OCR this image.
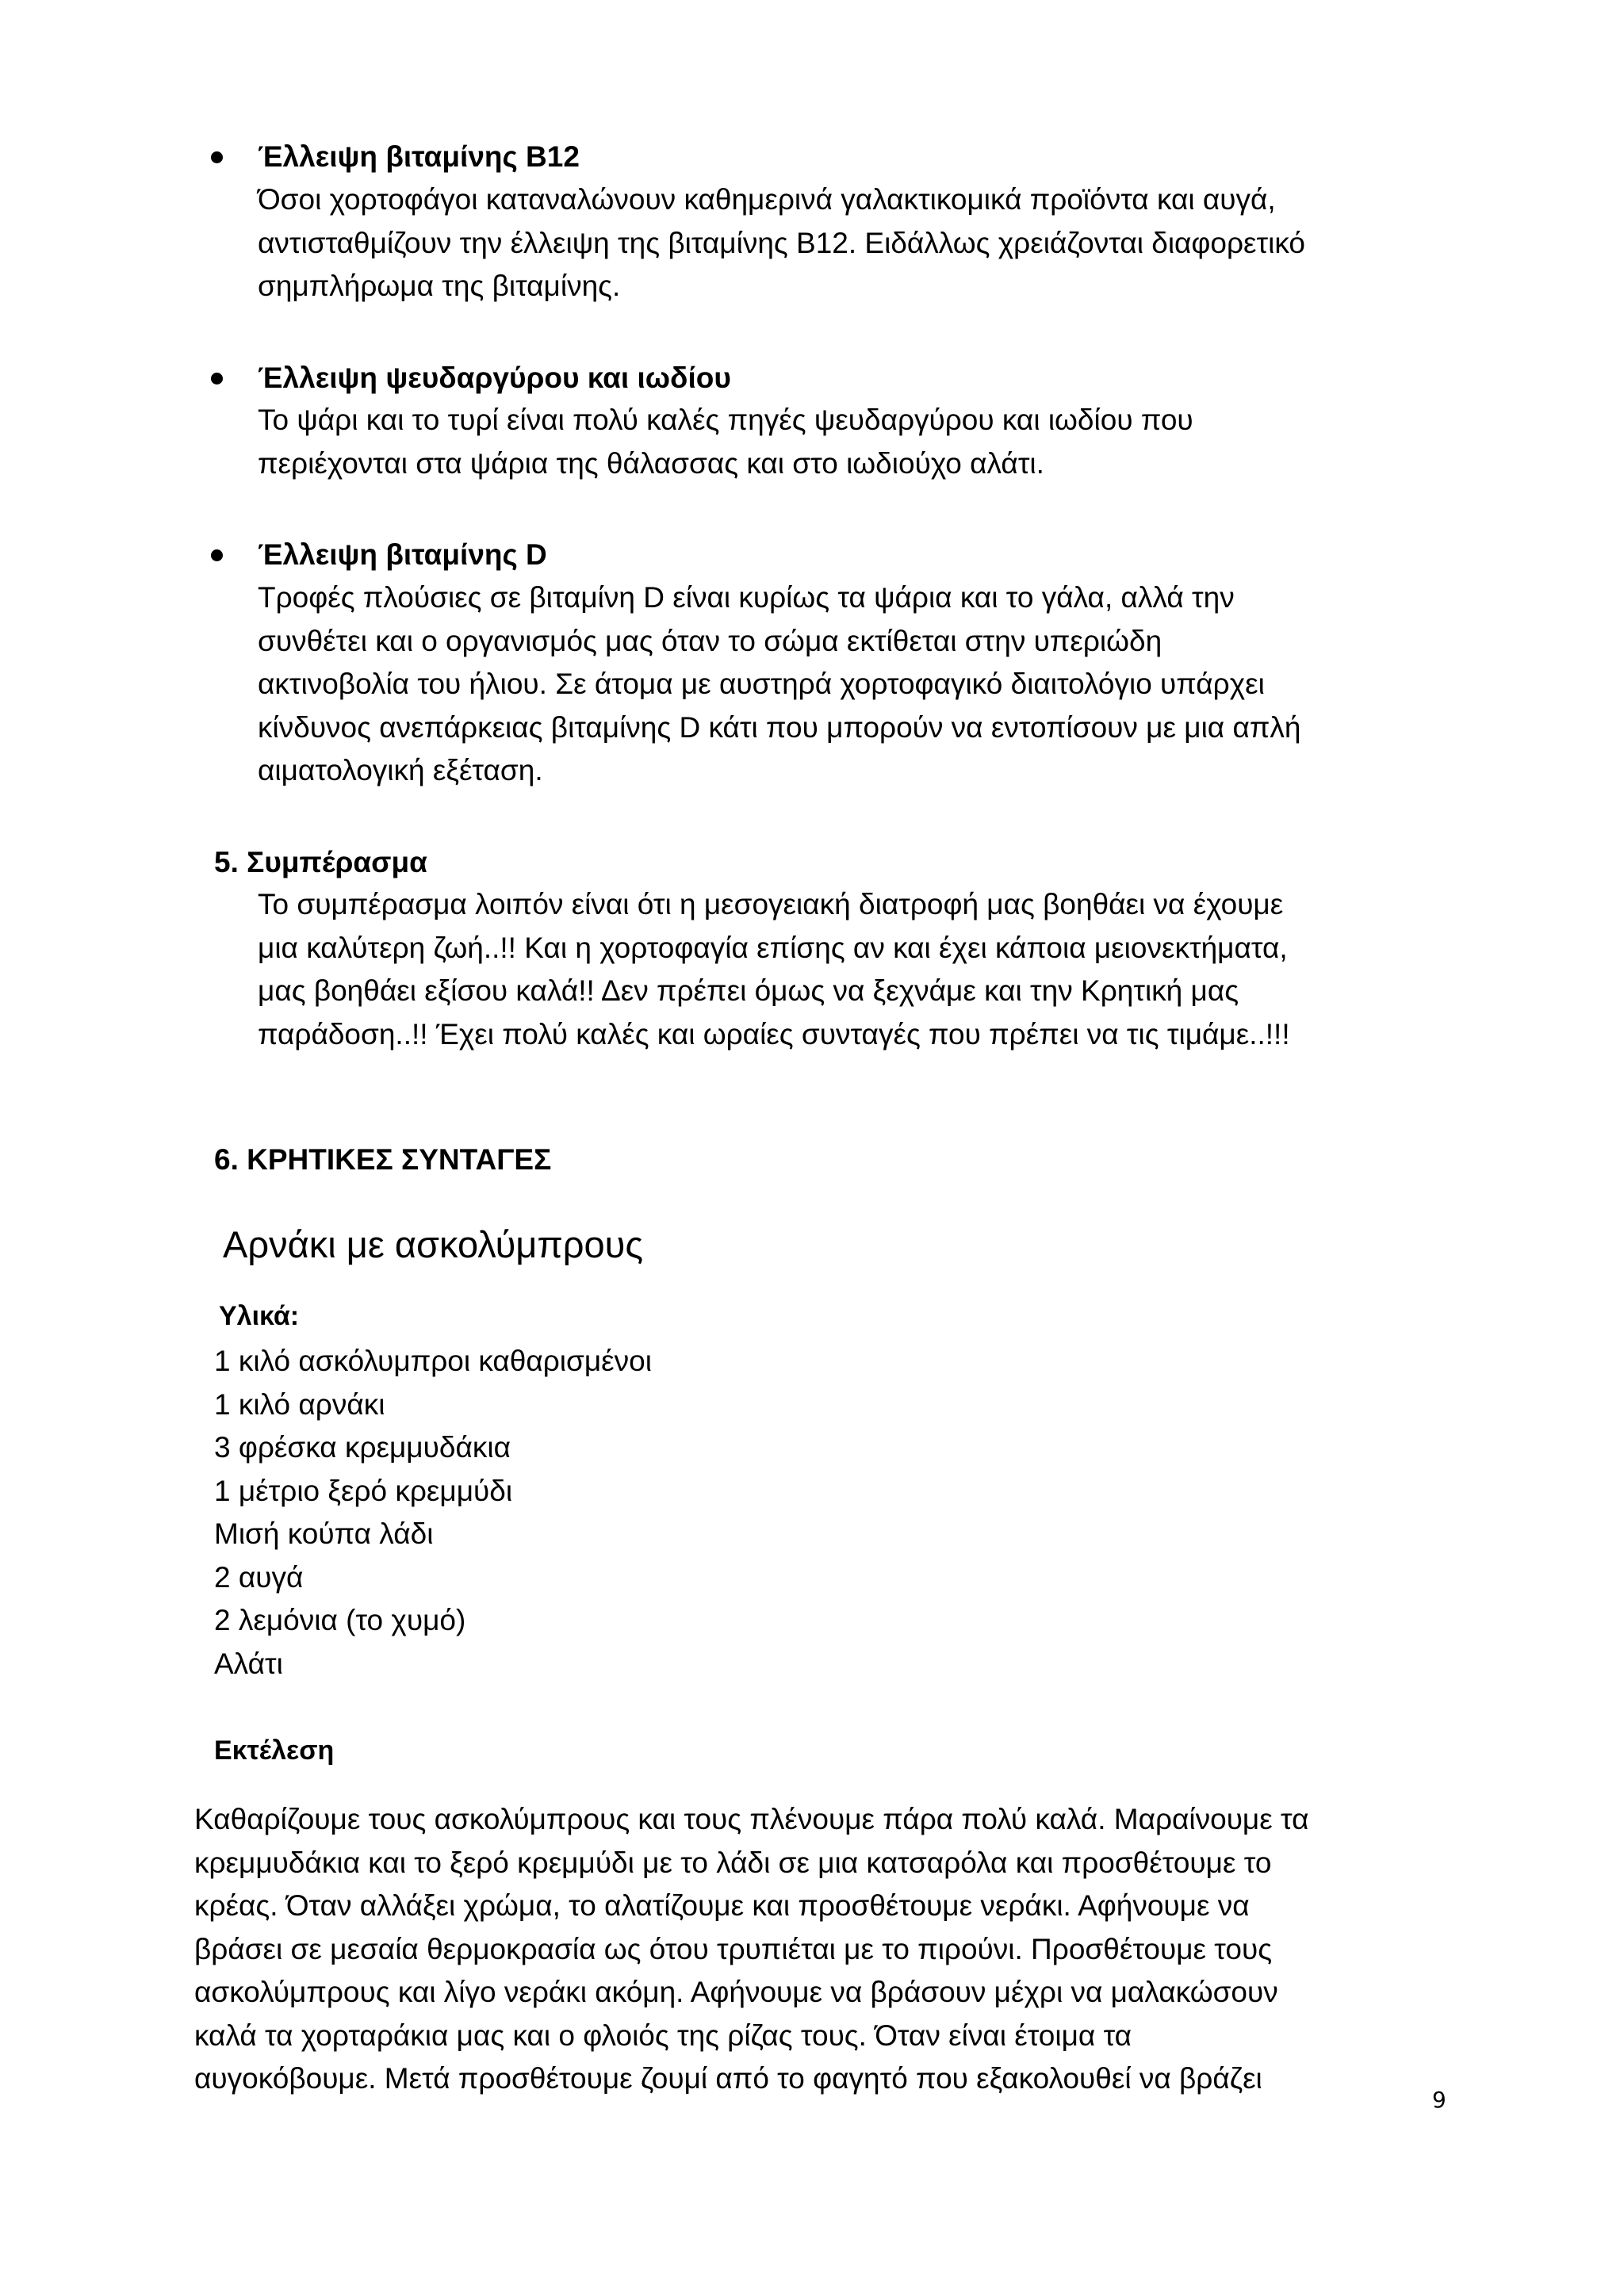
Έλλειψη βιταμίνης Β12
Όσοι χορτοφάγοι καταναλώνουν καθημερινά γαλακτικομικά προϊόντα και αυγά,
αντισταθμίζουν την έλλειψη της βιταμίνης Β12. Ειδάλλως χρειάζονται διαφορετικό
σημπλήρωμα της βιταμίνης.
Έλλειψη ψευδαργύρου και ιωδίου
Το ψάρι και το τυρί είναι πολύ καλές πηγές ψευδαργύρου και ιωδίου που
περιέχονται στα ψάρια της θάλασσας και στο ιωδιούχο αλάτι.
Έλλειψη βιταμίνης D
Τροφές πλούσιες σε βιταμίνη D είναι κυρίως τα ψάρια και το γάλα, αλλά την
συνθέτει και ο οργανισμός μας όταν το σώμα εκτίθεται στην υπεριώδη
ακτινοβολία του ήλιου. Σε άτομα με αυστηρά χορτοφαγικό διαιτολόγιο υπάρχει
κίνδυνος ανεπάρκειας βιταμίνης D κάτι που μπορούν να εντοπίσουν με μια απλή
αιματολογική εξέταση.
5. Συμπέρασμα
Το συμπέρασμα λοιπόν είναι ότι η μεσογειακή διατροφή μας βοηθάει να έχουμε
μια καλύτερη ζωή..!! Και η χορτοφαγία επίσης αν και έχει κάποια μειονεκτήματα,
μας βοηθάει εξίσου καλά!! Δεν πρέπει όμως να ξεχνάμε και την Κρητική μας
παράδοση..!! Έχει πολύ καλές και ωραίες συνταγές που πρέπει να τις τιμάμε..!!!
6. ΚΡΗΤΙΚΕΣ ΣΥΝΤΑΓΕΣ
Αρνάκι με ασκολύμπρους
Υλικά:
1 κιλό ασκόλυμπροι καθαρισμένοι
1 κιλό αρνάκι
3 φρέσκα κρεμμυδάκια
1 μέτριο ξερό κρεμμύδι
Μισή κούπα λάδι
2 αυγά
2 λεμόνια (το χυμό)
Αλάτι
Εκτέλεση
Καθαρίζουμε τους ασκολύμπρους και τους πλένουμε πάρα πολύ καλά. Μαραίνουμε τα
κρεμμυδάκια και το ξερό κρεμμύδι με το λάδι σε μια κατσαρόλα και προσθέτουμε το
κρέας. Όταν αλλάξει χρώμα, το αλατίζουμε και προσθέτουμε νεράκι. Αφήνουμε να
βράσει σε μεσαία θερμοκρασία ως ότου τρυπιέται με το πιρούνι. Προσθέτουμε τους
ασκολύμπρους και λίγο νεράκι ακόμη. Αφήνουμε να βράσουν μέχρι να μαλακώσουν
καλά τα χορταράκια μας και ο φλοιός της ρίζας τους. Όταν είναι έτοιμα τα
αυγοκόβουμε. Μετά προσθέτουμε ζουμί από το φαγητό που εξακολουθεί να βράζει
9
